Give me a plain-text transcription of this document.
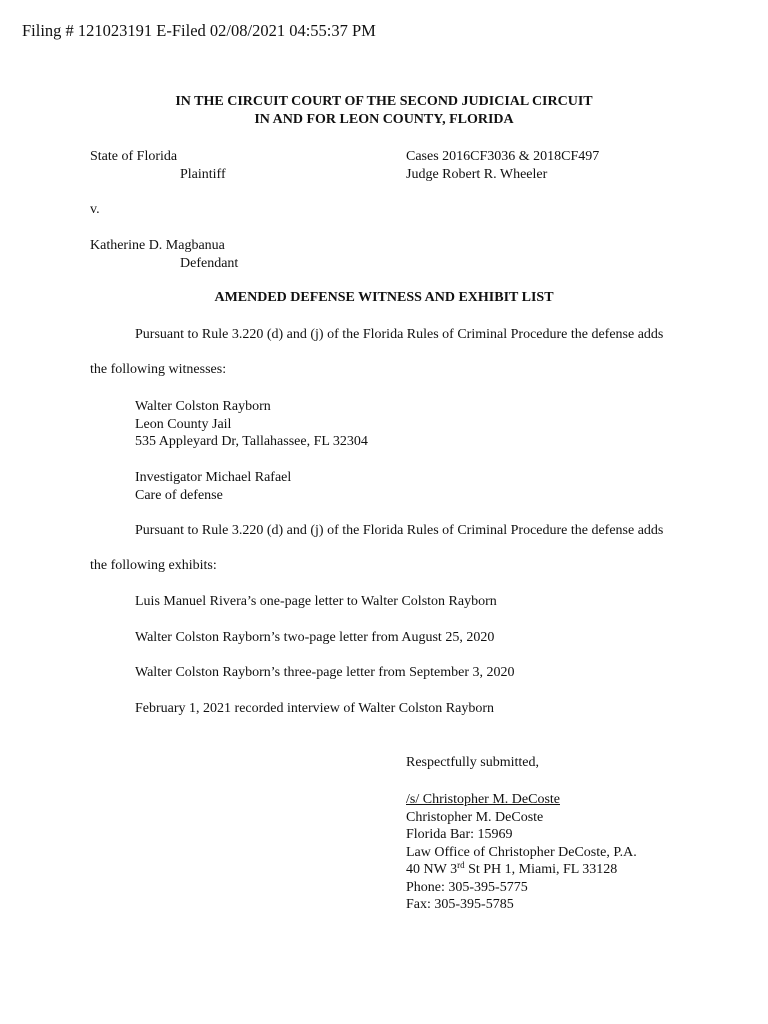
Filing # 121023191 E-Filed 02/08/2021 04:55:37 PM
IN THE CIRCUIT COURT OF THE SECOND JUDICIAL CIRCUIT
IN AND FOR LEON COUNTY, FLORIDA
State of Florida
Plaintiff
Cases 2016CF3036 & 2018CF497
Judge Robert R. Wheeler
v.
Katherine D. Magbanua
Defendant
AMENDED DEFENSE WITNESS AND EXHIBIT LIST
Pursuant to Rule 3.220 (d) and (j) of the Florida Rules of Criminal Procedure the defense adds
the following witnesses:
Walter Colston Rayborn
Leon County Jail
535 Appleyard Dr, Tallahassee, FL 32304
Investigator Michael Rafael
Care of defense
Pursuant to Rule 3.220 (d) and (j) of the Florida Rules of Criminal Procedure the defense adds
the following exhibits:
Luis Manuel Rivera’s one-page letter to Walter Colston Rayborn
Walter Colston Rayborn’s two-page letter from August 25, 2020
Walter Colston Rayborn’s three-page letter from September 3, 2020
February 1, 2021 recorded interview of Walter Colston Rayborn
Respectfully submitted,
/s/ Christopher M. DeCoste
Christopher M. DeCoste
Florida Bar: 15969
Law Office of Christopher DeCoste, P.A.
40 NW 3rd St PH 1, Miami, FL 33128
Phone: 305-395-5775
Fax: 305-395-5785
